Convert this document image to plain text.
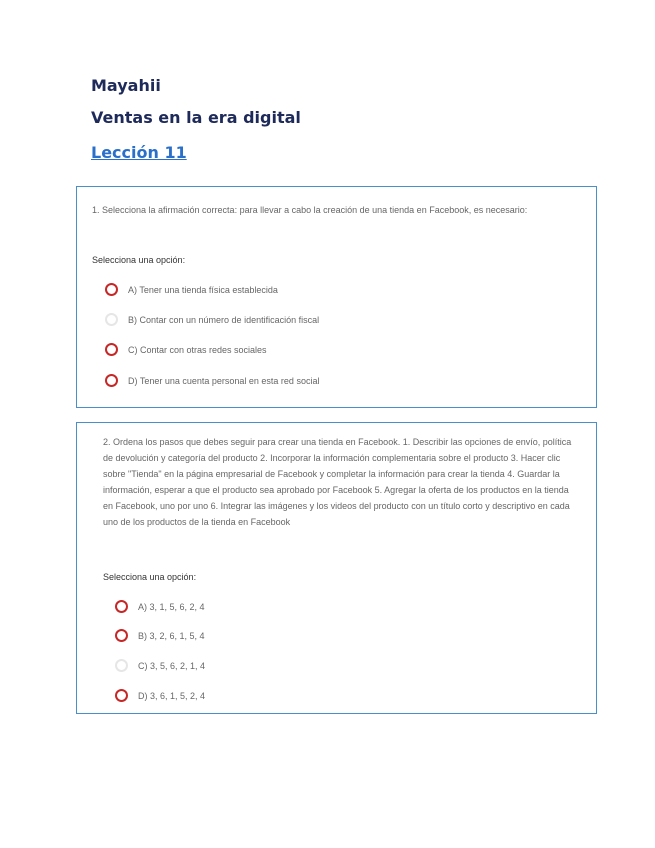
Mayahii
Ventas en la era digital
Lección 11

1. Selecciona la afirmación correcta: para llevar a cabo la creación de una tienda en Facebook, es necesario:

Selecciona una opción:

A) Tener una tienda física establecida
B) Contar con un número de identificación fiscal
C) Contar con otras redes sociales
D) Tener una cuenta personal en esta red social

2. Ordena los pasos que debes seguir para crear una tienda en Facebook. 1. Describir las opciones de envío, política de devolución y categoría del producto 2. Incorporar la información complementaria sobre el producto 3. Hacer clic sobre "Tienda" en la página empresarial de Facebook y completar la información para crear la tienda 4. Guardar la información, esperar a que el producto sea aprobado por Facebook 5. Agregar la oferta de los productos en la tienda en Facebook, uno por uno 6. Integrar las imágenes y los videos del producto con un título corto y descriptivo en cada uno de los productos de la tienda en Facebook

Selecciona una opción:

A) 3, 1, 5, 6, 2, 4
B) 3, 2, 6, 1, 5, 4
C) 3, 5, 6, 2, 1, 4
D) 3, 6, 1, 5, 2, 4
